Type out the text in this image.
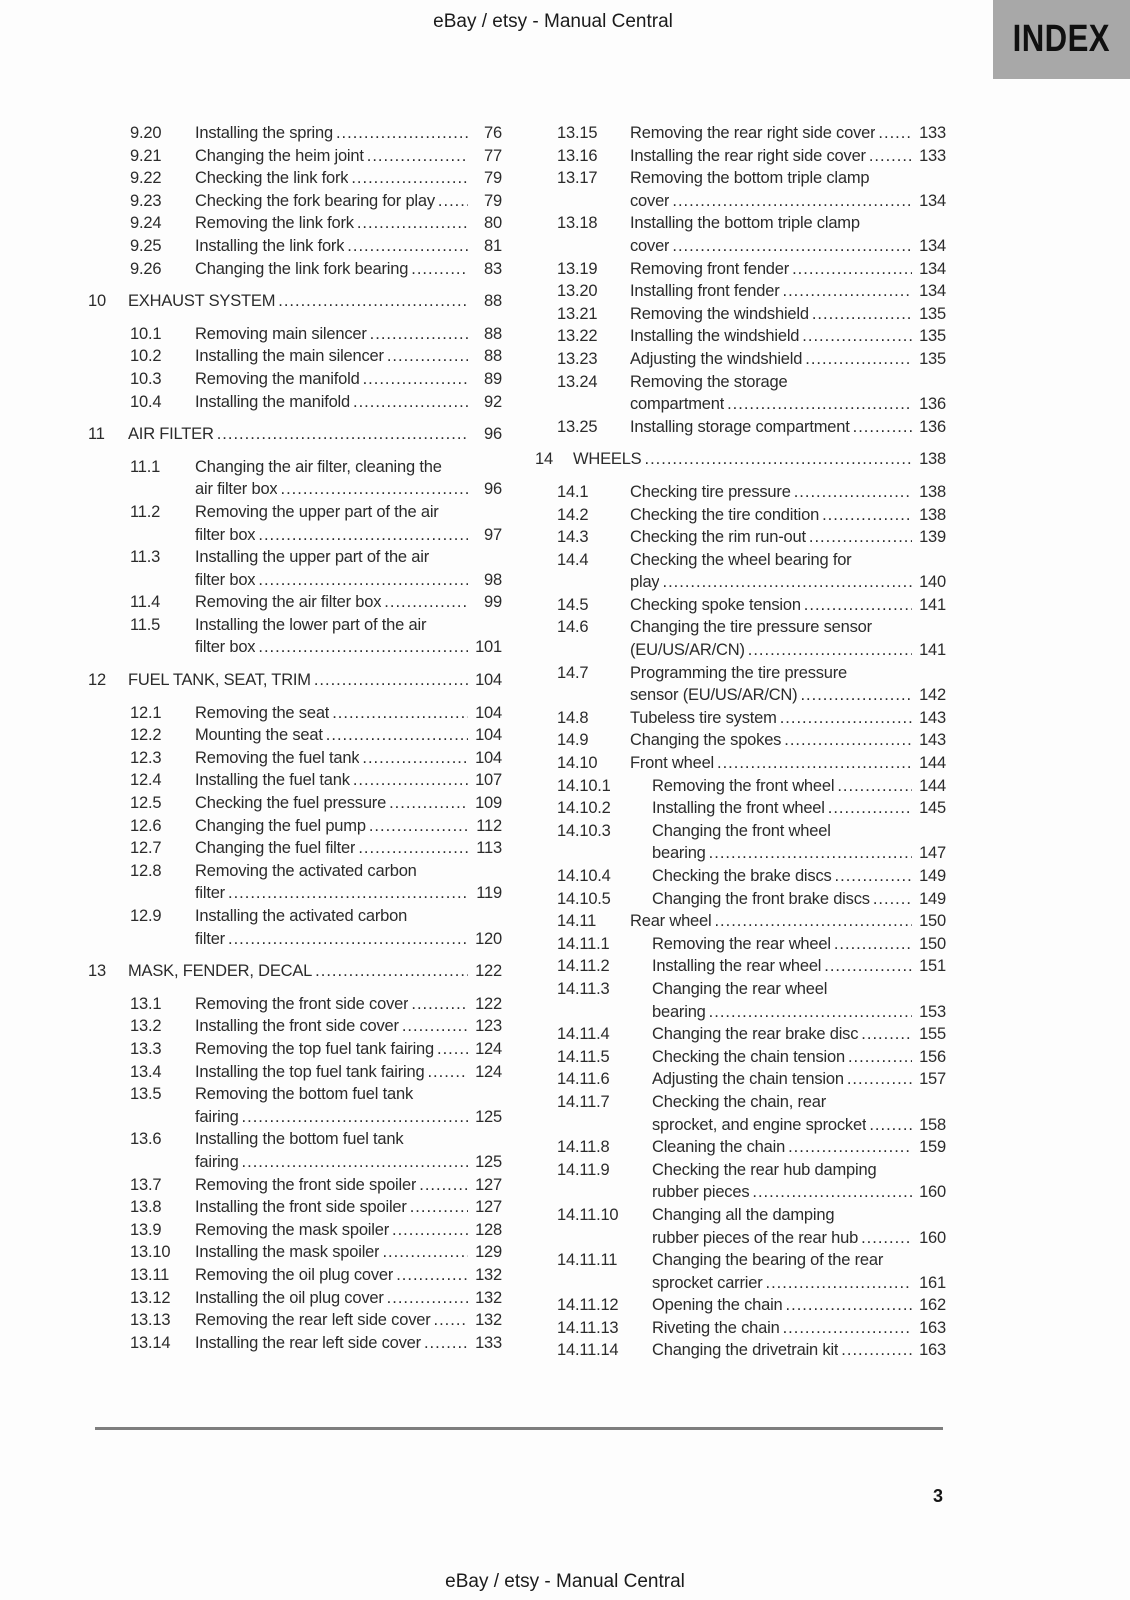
eBay / etsy - Manual Central	INDEX
9.20	Installing the spring .....	76
9.21	Changing the heim joint .....	77
9.22	Checking the link fork .....	79
9.23	Checking the fork bearing for play .....	79
9.24	Removing the link fork .....	80
9.25	Installing the link fork .....	81
9.26	Changing the link fork bearing .....	83
10	EXHAUST SYSTEM .....	88
10.1	Removing main silencer .....	88
10.2	Installing the main silencer .....	88
10.3	Removing the manifold .....	89
10.4	Installing the manifold .....	92
11	AIR FILTER .....	96
11.1	Changing the air filter, cleaning the
air filter box .....	96
11.2	Removing the upper part of the air
filter box .....	97
11.3	Installing the upper part of the air
filter box .....	98
11.4	Removing the air filter box .....	99
11.5	Installing the lower part of the air
filter box .....	101
12	FUEL TANK, SEAT, TRIM .....	104
12.1	Removing the seat .....	104
12.2	Mounting the seat .....	104
12.3	Removing the fuel tank .....	104
12.4	Installing the fuel tank .....	107
12.5	Checking the fuel pressure .....	109
12.6	Changing the fuel pump .....	112
12.7	Changing the fuel filter .....	113
12.8	Removing the activated carbon
filter .....	119
12.9	Installing the activated carbon
filter .....	120
13	MASK, FENDER, DECAL .....	122
13.1	Removing the front side cover .....	122
13.2	Installing the front side cover .....	123
13.3	Removing the top fuel tank fairing ..... 124
13.4	Installing the top fuel tank fairing .....	124
13.5	Removing the bottom fuel tank
fairing .....	125
13.6	Installing the bottom fuel tank
fairing .....	125
13.7	Removing the front side spoiler .....	127
13.8	Installing the front side spoiler .....	127
13.9	Removing the mask spoiler .....	128
13.10	Installing the mask spoiler .....	129
13.11	Removing the oil plug cover .....	132
13.12	Installing the oil plug cover .....	132
13.13	Removing the rear left side cover .....	132
13.14	Installing the rear left side cover .....	133
13.15	Removing the rear right side cover .....	133
13.16	Installing the rear right side cover .....	133
13.17	Removing the bottom triple clamp
cover .....	134
13.18	Installing the bottom triple clamp
cover .....	134
13.19	Removing front fender .....	134
13.20	Installing front fender .....	134
13.21	Removing the windshield .....	135
13.22	Installing the windshield .....	135
13.23	Adjusting the windshield .....	135
13.24	Removing the storage
compartment .....	136
13.25	Installing storage compartment .....	136
14	WHEELS .....	138
14.1	Checking tire pressure .....	138
14.2	Checking the tire condition .....	138
14.3	Checking the rim run-out .....	139
14.4	Checking the wheel bearing for
play .....	140
14.5	Checking spoke tension .....	141
14.6	Changing the tire pressure sensor
(EU/US/AR/CN) .....	141
14.7	Programming the tire pressure
sensor (EU/US/AR/CN) .....	142
14.8	Tubeless tire system .....	143
14.9	Changing the spokes .....	143
14.10	Front wheel .....	144
14.10.1	Removing the front wheel .....	144
14.10.2	Installing the front wheel .....	145
14.10.3	Changing the front wheel
bearing .....	147
14.10.4	Checking the brake discs .....	149
14.10.5	Changing the front brake discs .....	149
14.11	Rear wheel .....	150
14.11.1	Removing the rear wheel .....	150
14.11.2	Installing the rear wheel .....	151
14.11.3	Changing the rear wheel
bearing .....	153
14.11.4	Changing the rear brake disc .....	155
14.11.5	Checking the chain tension .....	156
14.11.6	Adjusting the chain tension .....	157
14.11.7	Checking the chain, rear
sprocket, and engine sprocket .....	158
14.11.8	Cleaning the chain .....	159
14.11.9	Checking the rear hub damping
rubber pieces .....	160
14.11.10	Changing all the damping
rubber pieces of the rear hub .....	160
14.11.11	Changing the bearing of the rear
sprocket carrier .....	161
14.11.12	Opening the chain .....	162
14.11.13	Riveting the chain .....	163
14.11.14	Changing the drivetrain kit .....	163
3
eBay / etsy - Manual Central
